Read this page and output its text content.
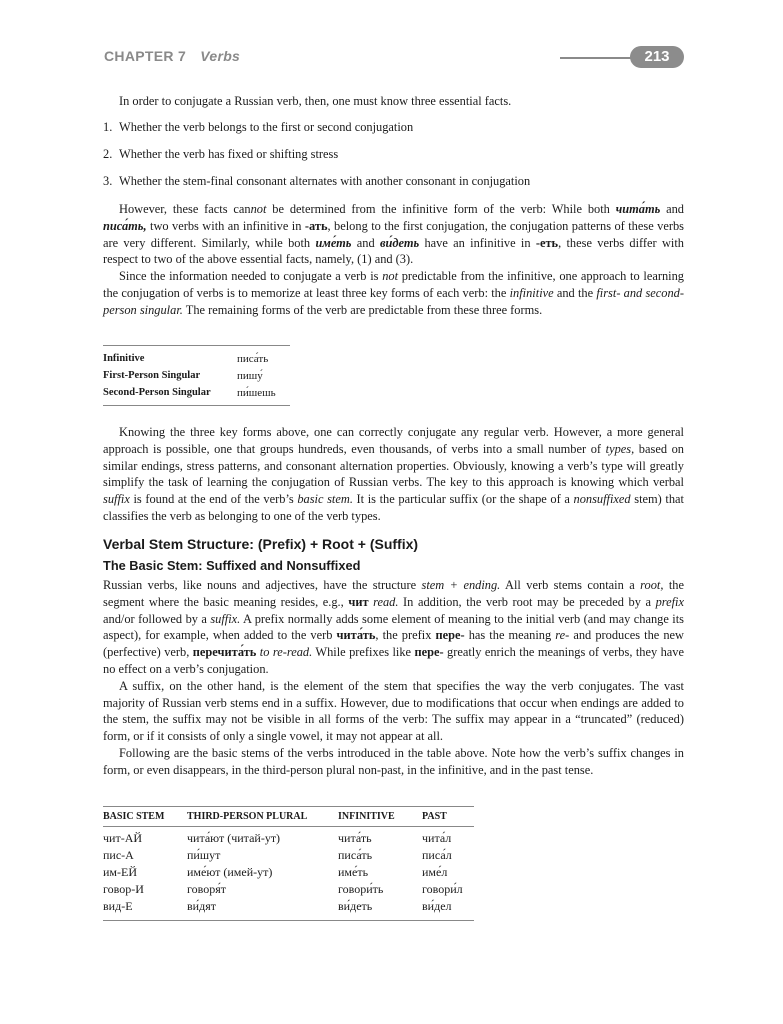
CHAPTER 7 Verbs	213

In order to conjugate a Russian verb, then, one must know three essential facts.

1. Whether the verb belongs to the first or second conjugation
2. Whether the verb has fixed or shifting stress
3. Whether the stem-final consonant alternates with another consonant in conjugation

However, these facts cannot be determined from the infinitive form of the verb: While both чита́ть and писа́ть, two verbs with an infinitive in -ать, belong to the first conjugation, the conjugation patterns of these verbs are very different. Similarly, while both име́ть and ви́деть have an infinitive in -еть, these verbs differ with respect to two of the above essential facts, namely, (1) and (3).

Since the information needed to conjugate a verb is not predictable from the infinitive, one approach to learning the conjugation of verbs is to memorize at least three key forms of each verb: the infinitive and the first- and second-person singular. The remaining forms of the verb are predictable from these three forms.

Infinitive	писа́ть
First-Person Singular	пишу́
Second-Person Singular	пи́шешь

Knowing the three key forms above, one can correctly conjugate any regular verb. However, a more general approach is possible, one that groups hundreds, even thousands, of verbs into a small number of types, based on similar endings, stress patterns, and consonant alternation properties. Obviously, knowing a verb’s type will greatly simplify the task of learning the conjugation of Russian verbs. The key to this approach is knowing which verbal suffix is found at the end of the verb’s basic stem. It is the particular suffix (or the shape of a nonsuffixed stem) that classifies the verb as belonging to one of the verb types.

Verbal Stem Structure: (Prefix) + Root + (Suffix)
The Basic Stem: Suffixed and Nonsuffixed

Russian verbs, like nouns and adjectives, have the structure stem + ending. All verb stems contain a root, the segment where the basic meaning resides, e.g., чит read. In addition, the verb root may be preceded by a prefix and/or followed by a suffix. A prefix normally adds some element of meaning to the initial verb (and may change its aspect), for example, when added to the verb чита́ть, the prefix пере- has the meaning re- and produces the new (perfective) verb, перечита́ть to re-read. While prefixes like пере- greatly enrich the meanings of verbs, they have no effect on a verb’s conjugation.

A suffix, on the other hand, is the element of the stem that specifies the way the verb conjugates. The vast majority of Russian verb stems end in a suffix. However, due to modifications that occur when endings are added to the stem, the suffix may not be visible in all forms of the verb: The suffix may appear in a “truncated” (reduced) form, or if it consists of only a single vowel, it may not appear at all.

Following are the basic stems of the verbs introduced in the table above. Note how the verb’s suffix changes in form, or even disappears, in the third-person plural non-past, in the infinitive, and in the past tense.

BASIC STEM	THIRD-PERSON PLURAL	INFINITIVE	PAST
чит-АЙ	чита́ют (читай-ут)	чита́ть	чита́л
пис-А	пи́шут	писа́ть	писа́л
им-ЕЙ	име́ют (имей-ут)	име́ть	име́л
говор-И	говоря́т	говори́ть	говори́л
вид-Е	ви́дят	ви́деть	ви́дел
